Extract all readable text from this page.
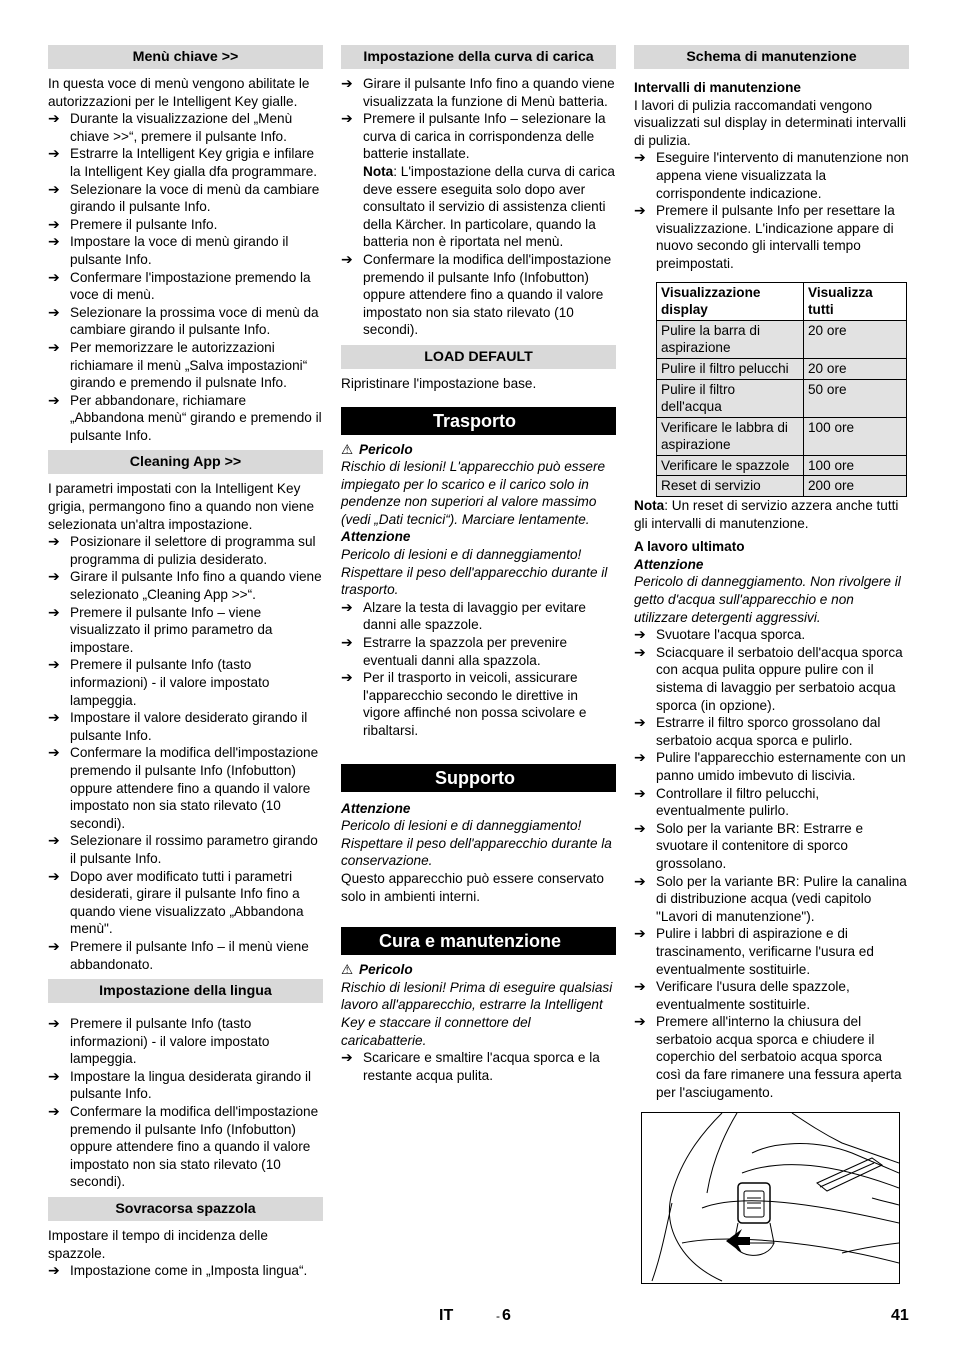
Menù chiave >>

In questa voce di menù vengono abilitate le autorizzazioni per le Intelligent Key gialle.

➔ Durante la visualizzazione del „Menù chiave >>“, premere il pulsante Info.
➔ Estrarre la Intelligent Key grigia e infilare la Intelligent Key gialla dfa programmare.
➔ Selezionare la voce di menù da cambiare girando il pulsante Info.
➔ Premere il pulsante Info.
➔ Impostare la voce di menù girando il pulsante Info.
➔ Confermare l'impostazione premendo la voce di menù.
➔ Selezionare la prossima voce di menù da cambiare girando il pulsante Info.
➔ Per memorizzare le autorizzazioni richiamare il menù „Salva impostazioni“ girando e premendo il pulsnate Info.
➔ Per abbandonare, richiamare „Abbandona menù“ girando e premendo il pulsante Info.
Cleaning App >>

I parametri impostati con la Intelligent Key grigia, permangono fino a quando non viene selezionata un'altra impostazione.

➔ Posizionare il selettore di programma sul programma di pulizia desiderato.
➔ Girare il pulsante Info fino a quando viene selezionato „Cleaning App >>“.
➔ Premere il pulsante Info – viene visualizzato il primo parametro da impostare.
➔ Premere il pulsante Info (tasto informazioni) - il valore impostato lampeggia.
➔ Impostare il valore desiderato girando il pulsante Info.
➔ Confermare la modifica dell'impostazione premendo il pulsante Info (Infobutton) oppure attendere fino a quando il valore impostato non sia stato rilevato (10 secondi).
➔ Selezionare il rossimo parametro girando il pulsante Info.
➔ Dopo aver modificato tutti i parametri desiderati, girare il pulsante Info fino a quando viene visualizzato „Abbandona menù".
➔ Premere il pulsante Info – il menù viene abbandonato.
Impostazione della lingua
➔ Premere il pulsante Info (tasto informazioni) - il valore impostato lampeggia.
➔ Impostare la lingua desiderata girando il pulsante Info.
➔ Confermare la modifica dell'impostazione premendo il pulsante Info (Infobutton) oppure attendere fino a quando il valore impostato non sia stato rilevato (10 secondi).
Sovracorsa spazzola

Impostare il tempo di incidenza delle spazzole.

➔ Impostazione come in „Imposta lingua“.
Impostazione della curva di carica
➔ Girare il pulsante Info fino a quando viene visualizzata la funzione di Menù batteria.
➔ Premere il pulsante Info – selezionare la curva di carica in corrispondenza delle batterie installate.

Nota: L'impostazione della curva di carica deve essere eseguita solo dopo aver consultato il servizio di assistenza clienti della Kärcher. In particolare, quando la batteria non è riportata nel menù.

➔ Confermare la modifica dell'impostazione premendo il pulsante Info (Infobutton) oppure attendere fino a quando il valore impostato non sia stato rilevato (10 secondi).
LOAD DEFAULT

Ripristinare l'impostazione base.

Trasporto

⚠ Pericolo

Rischio di lesioni! L'apparecchio può essere impiegato per lo scarico e il carico solo in pendenze non superiori al valore massimo (vedi „Dati tecnici“). Marciare lentamente.

Attenzione

Pericolo di lesioni e di danneggiamento! Rispettare il peso dell'apparecchio durante il trasporto.

➔ Alzare la testa di lavaggio per evitare danni alle spazzole.
➔ Estrarre la spazzola per prevenire eventuali danni alla spazzola.
➔ Per il trasporto in veicoli, assicurare l'apparecchio secondo le direttive in vigore affinché non possa scivolare e ribaltarsi.
Supporto

Attenzione

Pericolo di lesioni e di danneggiamento! Rispettare il peso dell'apparecchio durante la conservazione.

Questo apparecchio può essere conservato solo in ambienti interni.

Cura e manutenzione

⚠ Pericolo

Rischio di lesioni! Prima di eseguire qualsiasi lavoro all'apparecchio, estrarre la Intelligent Key e staccare il connettore del caricabatterie.

➔ Scaricare e smaltire l'acqua sporca e la restante acqua pulita.
Schema di manutenzione

Intervalli di manutenzione

I lavori di pulizia raccomandati vengono visualizzati sul display in determinati intervalli di pulizia.

➔ Eseguire l'intervento di manutenzione non appena viene visualizzata la corrispondente indicazione.
➔ Premere il pulsante Info per resettare la visualizzazione. L'indicazione appare di nuovo secondo gli intervalli tempo preimpostati.
Visualizzazione display	Visualizza tutti
Pulire la barra di aspirazione	20 ore
Pulire il filtro pelucchi	20 ore
Pulire il filtro dell'acqua	50 ore
Verificare le labbra di aspirazione	100 ore
Verificare le spazzole	100 ore
Reset di servizio	200 ore

Nota: Un reset di servizio azzera anche tutti gli intervalli di manutenzione.

A lavoro ultimato

Attenzione

Pericolo di danneggiamento. Non rivolgere il getto d'acqua sull'apparecchio e non utilizzare detergenti aggressivi.

➔ Svuotare l'acqua sporca.
➔ Sciacquare il serbatoio dell'acqua sporca con acqua pulita oppure pulire con il sistema di lavaggio per serbatoio acqua sporca (in opzione).
➔ Estrarre il filtro sporco grossolano dal serbatoio acqua sporca e pulirlo.
➔ Pulire l'apparecchio esternamente con un panno umido imbevuto di liscivia.
➔ Controllare il filtro pelucchi, eventualmente pulirlo.
➔ Solo per la variante BR: Estrarre e svuotare il contenitore di sporco grossolano.
➔ Solo per la variante BR: Pulire la canalina di distribuzione acqua (vedi capitolo "Lavori di manutenzione").
➔ Pulire i labbri di aspirazione e di trascinamento, verificarne l'usura ed eventualmente sostituirle.
➔ Verificare l'usura delle spazzole, eventualmente sostituirle.
➔ Premere all'interno la chiusura del serbatoio acqua sporca e chiudere il coperchio del serbatoio acqua sporca così da fare rimanere una fessura aperta per l'asciugamento.
IT	- 6	41
